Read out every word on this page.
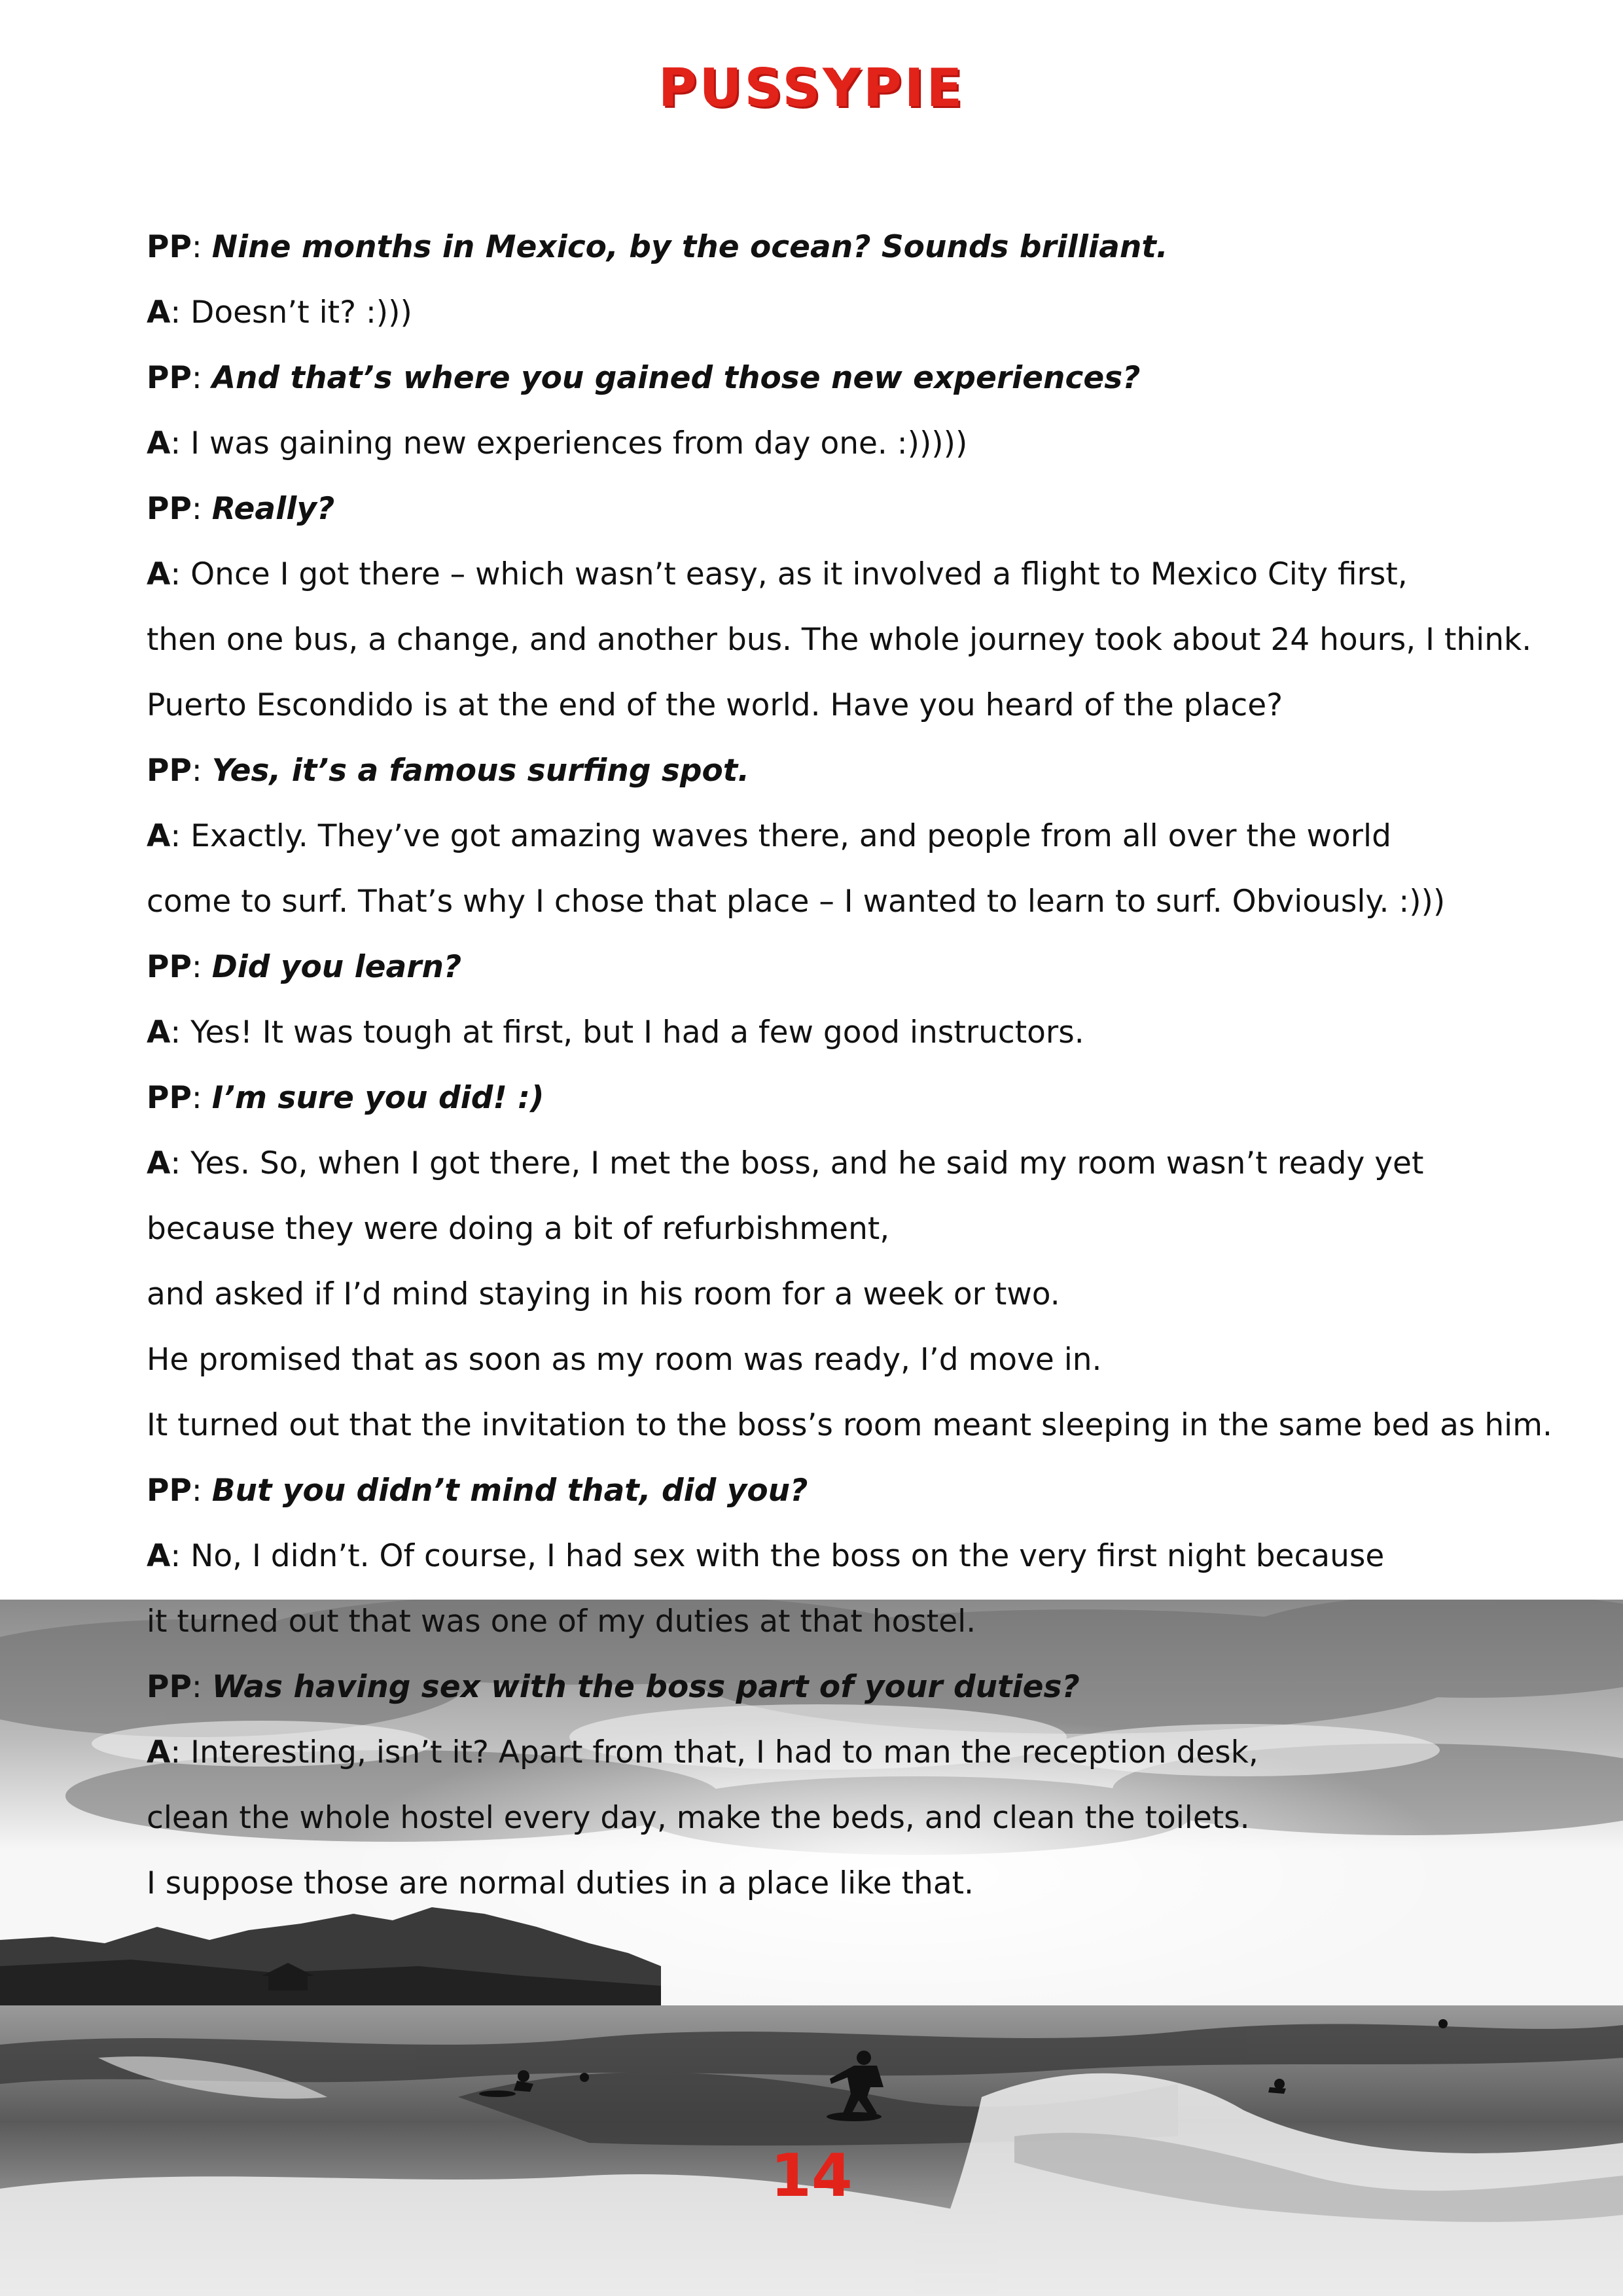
PUSSYPIE
PP: Nine months in Mexico, by the ocean? Sounds brilliant.
A: Doesn’t it? :)))
PP: And that’s where you gained those new experiences?
A: I was gaining new experiences from day one. :)))))
PP: Really?
A: Once I got there – which wasn’t easy, as it involved a flight to Mexico City first,
then one bus, a change, and another bus. The whole journey took about 24 hours, I think.
Puerto Escondido is at the end of the world. Have you heard of the place?
PP: Yes, it’s a famous surfing spot.
A: Exactly. They’ve got amazing waves there, and people from all over the world
come to surf. That’s why I chose that place – I wanted to learn to surf. Obviously. :)))
PP: Did you learn?
A: Yes! It was tough at first, but I had a few good instructors.
PP: I’m sure you did! :)
A: Yes. So, when I got there, I met the boss, and he said my room wasn’t ready yet
because they were doing a bit of refurbishment,
and asked if I’d mind staying in his room for a week or two.
He promised that as soon as my room was ready, I’d move in.
It turned out that the invitation to the boss’s room meant sleeping in the same bed as him.
PP: But you didn’t mind that, did you?
A: No, I didn’t. Of course, I had sex with the boss on the very first night because
it turned out that was one of my duties at that hostel.
PP: Was having sex with the boss part of your duties?
A: Interesting, isn’t it? Apart from that, I had to man the reception desk,
clean the whole hostel every day, make the beds, and clean the toilets.
I suppose those are normal duties in a place like that.
14
